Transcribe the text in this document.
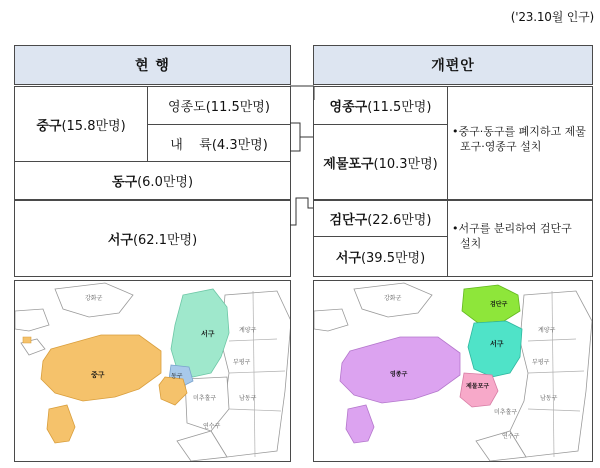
('23.10월 인구)
현 행
중구(15.8만명)
영종도(11.5만명)
내    륙(4.3만명)
동구(6.0만명)
서구(62.1만명)
개편안
영종구(11.5만명)
제물포구(10.3만명)
•중구·동구를 폐지하고 제물
포구·영종구 설치
검단구(22.6만명)
서구(39.5만명)
•서구를 분리하여 검단구
설치
서구
중구	동구
강화군
계양구
부평구
미추홀구	남동구
연수구
검단구
서구
영종구
제물포구
강화군
계양구
부평구
미추홀구
남동구
연수구
